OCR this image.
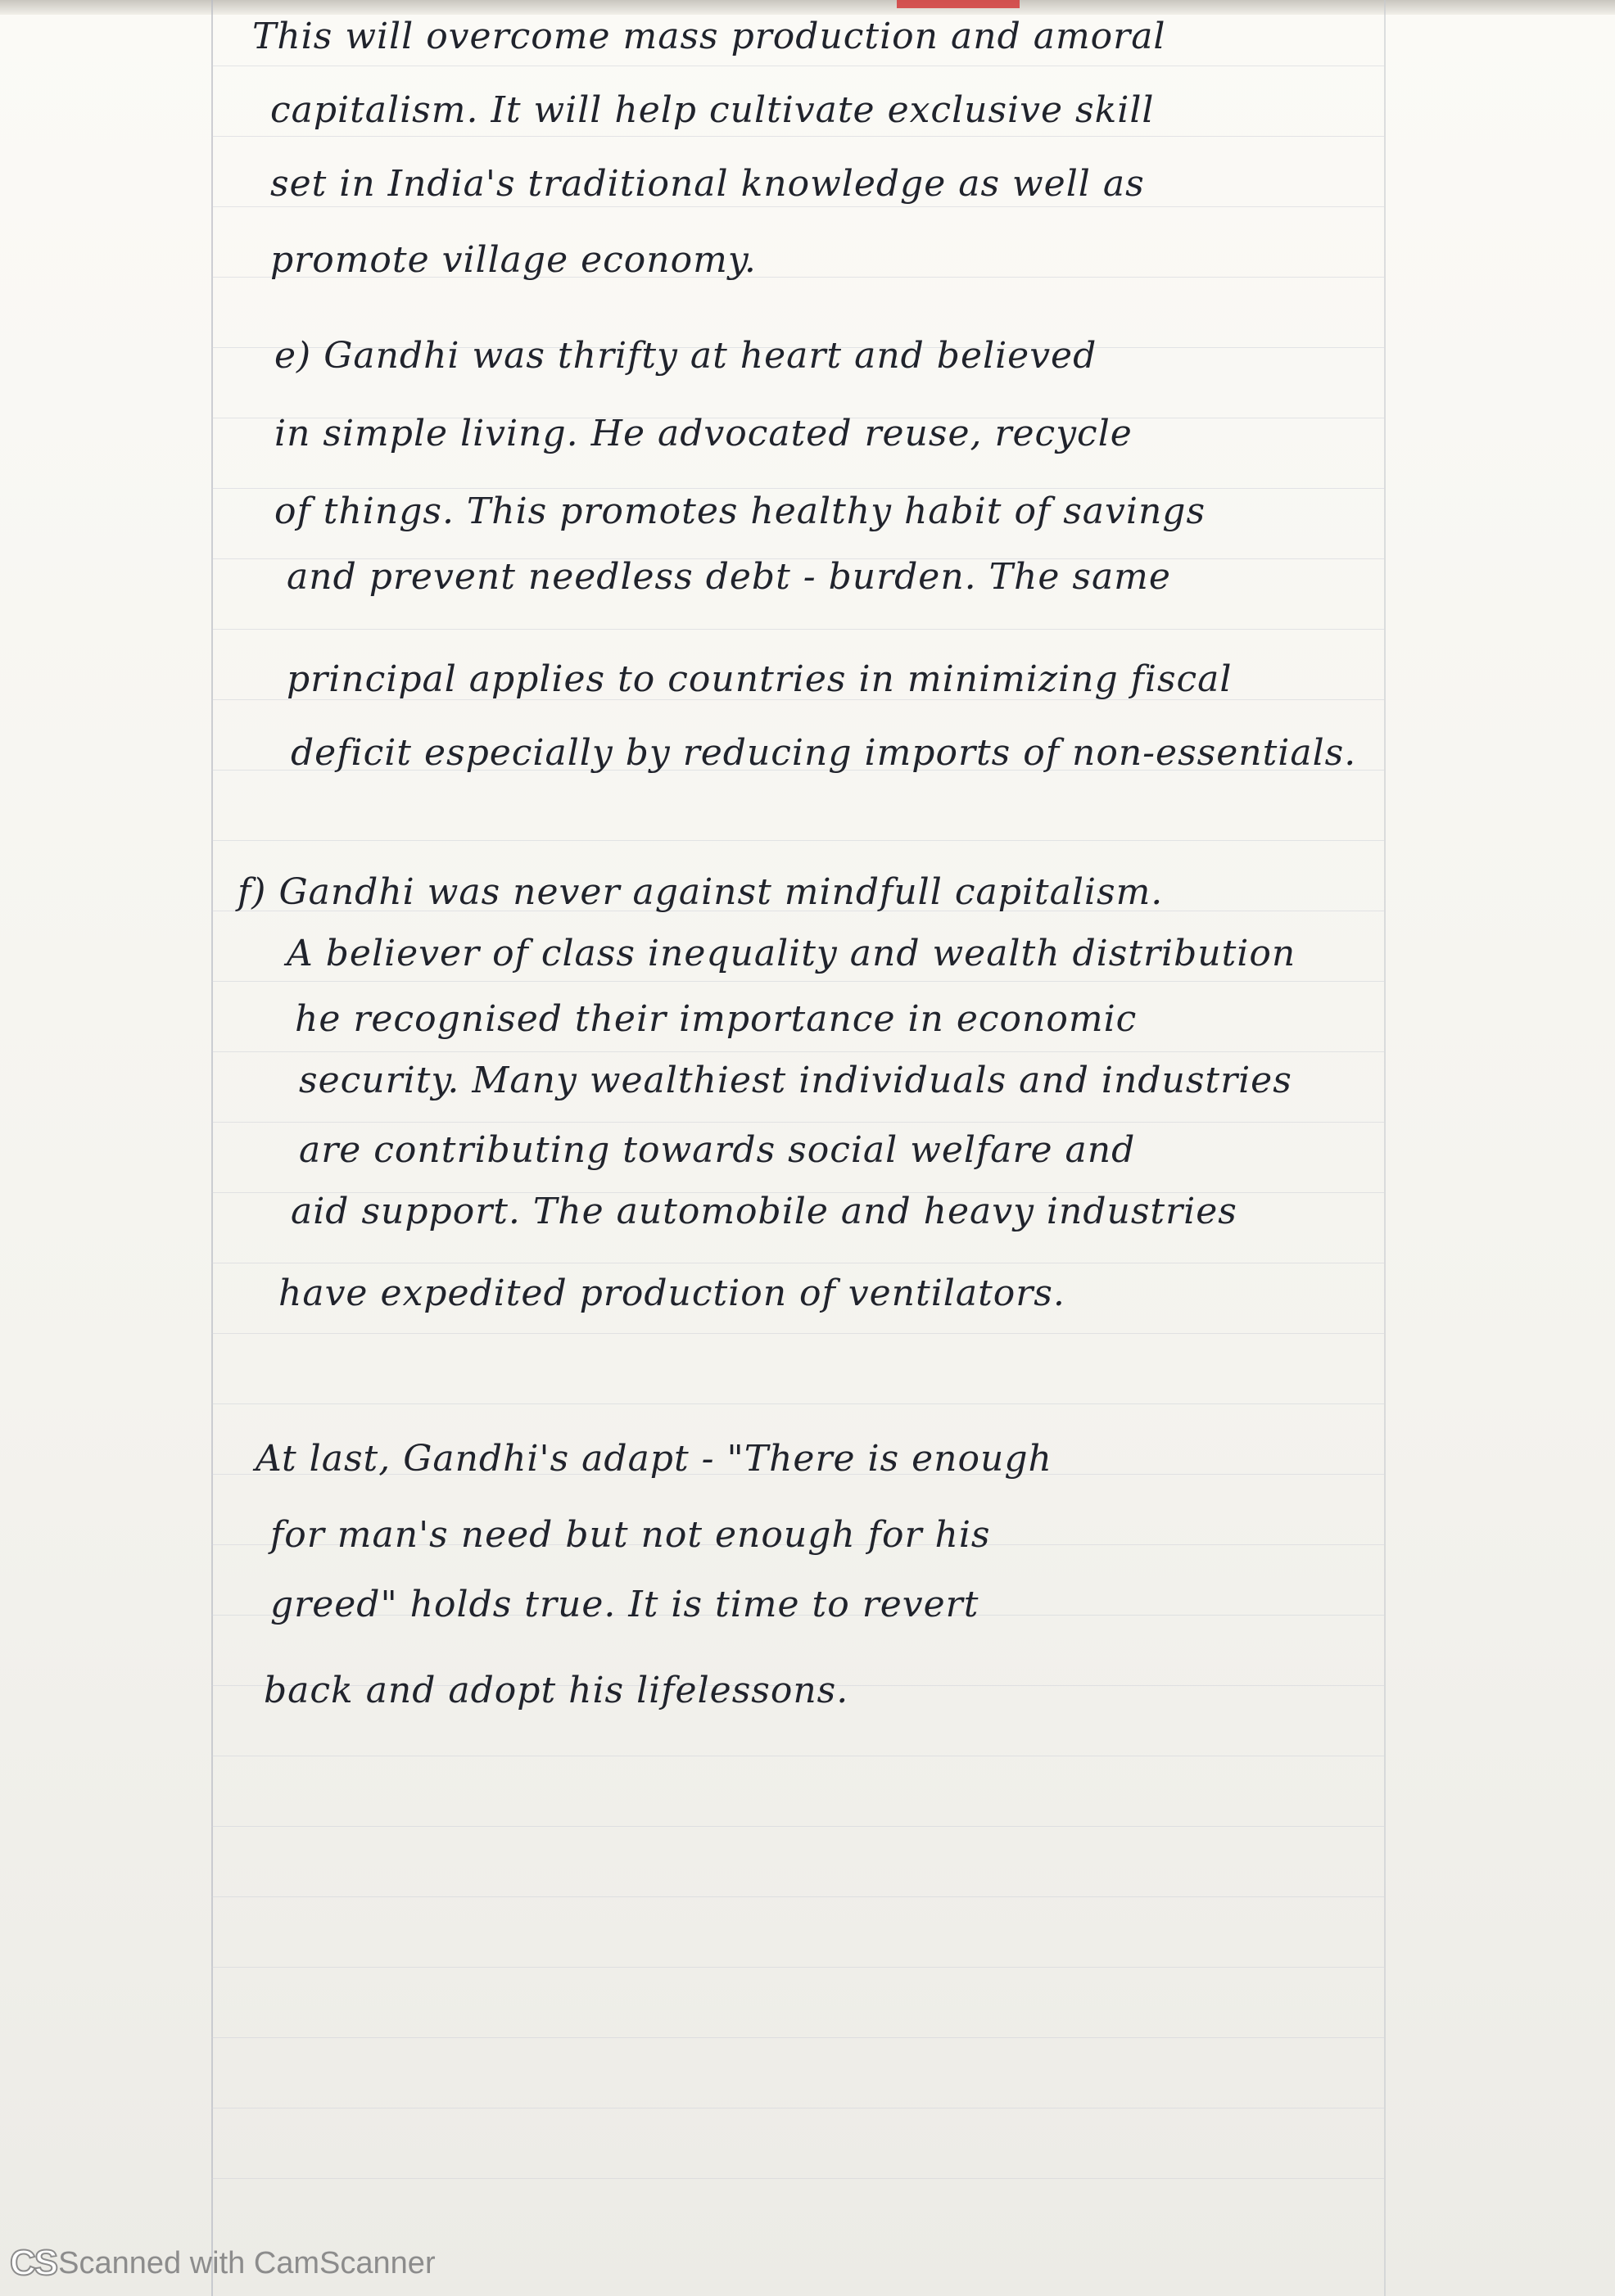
This will overcome mass production and amoral
capitalism. It will help cultivate exclusive skill
set in India's traditional knowledge as well as
promote village economy.
e) Gandhi was thrifty at heart and believed
in simple living. He advocated reuse, recycle
of things. This promotes healthy habit of savings
and prevent needless debt - burden. The same
principal applies to countries in minimizing fiscal
deficit especially by reducing imports of non-essentials.
f) Gandhi was never against mindfull capitalism.
A believer of class inequality and wealth distribution
he recognised their importance in economic
security. Many wealthiest individuals and industries
are contributing towards social welfare and
aid support. The automobile and heavy industries
have expedited production of ventilators.
At last, Gandhi's adapt - "There is enough
for man's need but not enough for his
greed" holds true. It is time to revert
back and adopt his lifelessons.
CS Scanned with CamScanner
